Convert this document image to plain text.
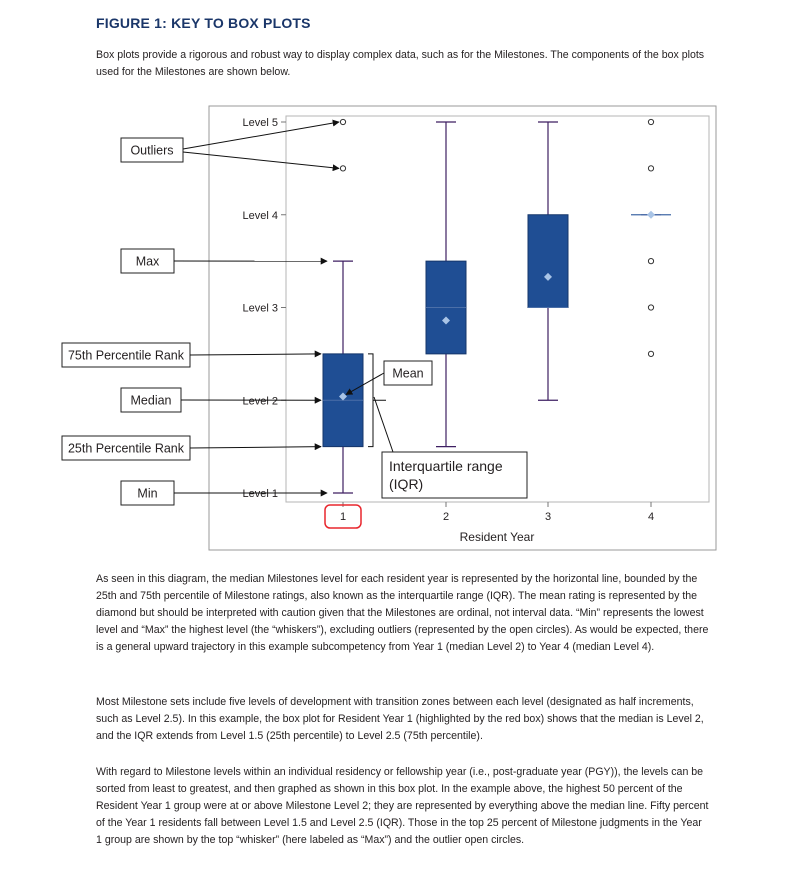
FIGURE 1: KEY TO BOX PLOTS

Box plots provide a rigorous and robust way to display complex data, such as for the Milestones. The components of the box plots used for the Milestones are shown below.

Level 1
Level 2
Level 3
Level 4
Level 5
1	2	3	4
Outliers
Max
75th Percentile Rank
Median
25th Percentile Rank
Min
Mean
Interquartile range
(IQR)
Resident Year

As seen in this diagram, the median Milestones level for each resident year is represented by the horizontal line, bounded by the 25th and 75th percentile of Milestone ratings, also known as the interquartile range (IQR). The mean rating is represented by the diamond but should be interpreted with caution given that the Milestones are ordinal, not interval data. “Min” represents the lowest level and “Max” the highest level (the “whiskers”), excluding outliers (represented by the open circles). As would be expected, there is a general upward trajectory in this example subcompetency from Year 1 (median Level 2) to Year 4 (median Level 4).

Most Milestone sets include five levels of development with transition zones between each level (designated as half increments, such as Level 2.5). In this example, the box plot for Resident Year 1 (highlighted by the red box) shows that the median is Level 2, and the IQR extends from Level 1.5 (25th percentile) to Level 2.5 (75th percentile).

With regard to Milestone levels within an individual residency or fellowship year (i.e., post-graduate year (PGY)), the levels can be sorted from least to greatest, and then graphed as shown in this box plot. In the example above, the highest 50 percent of the Resident Year 1 group were at or above Milestone Level 2; they are represented by everything above the median line. Fifty percent of the Year 1 residents fall between Level 1.5 and Level 2.5 (IQR). Those in the top 25 percent of Milestone judgments in the Year 1 group are shown by the top “whisker” (here labeled as “Max”) and the outlier open circles.
